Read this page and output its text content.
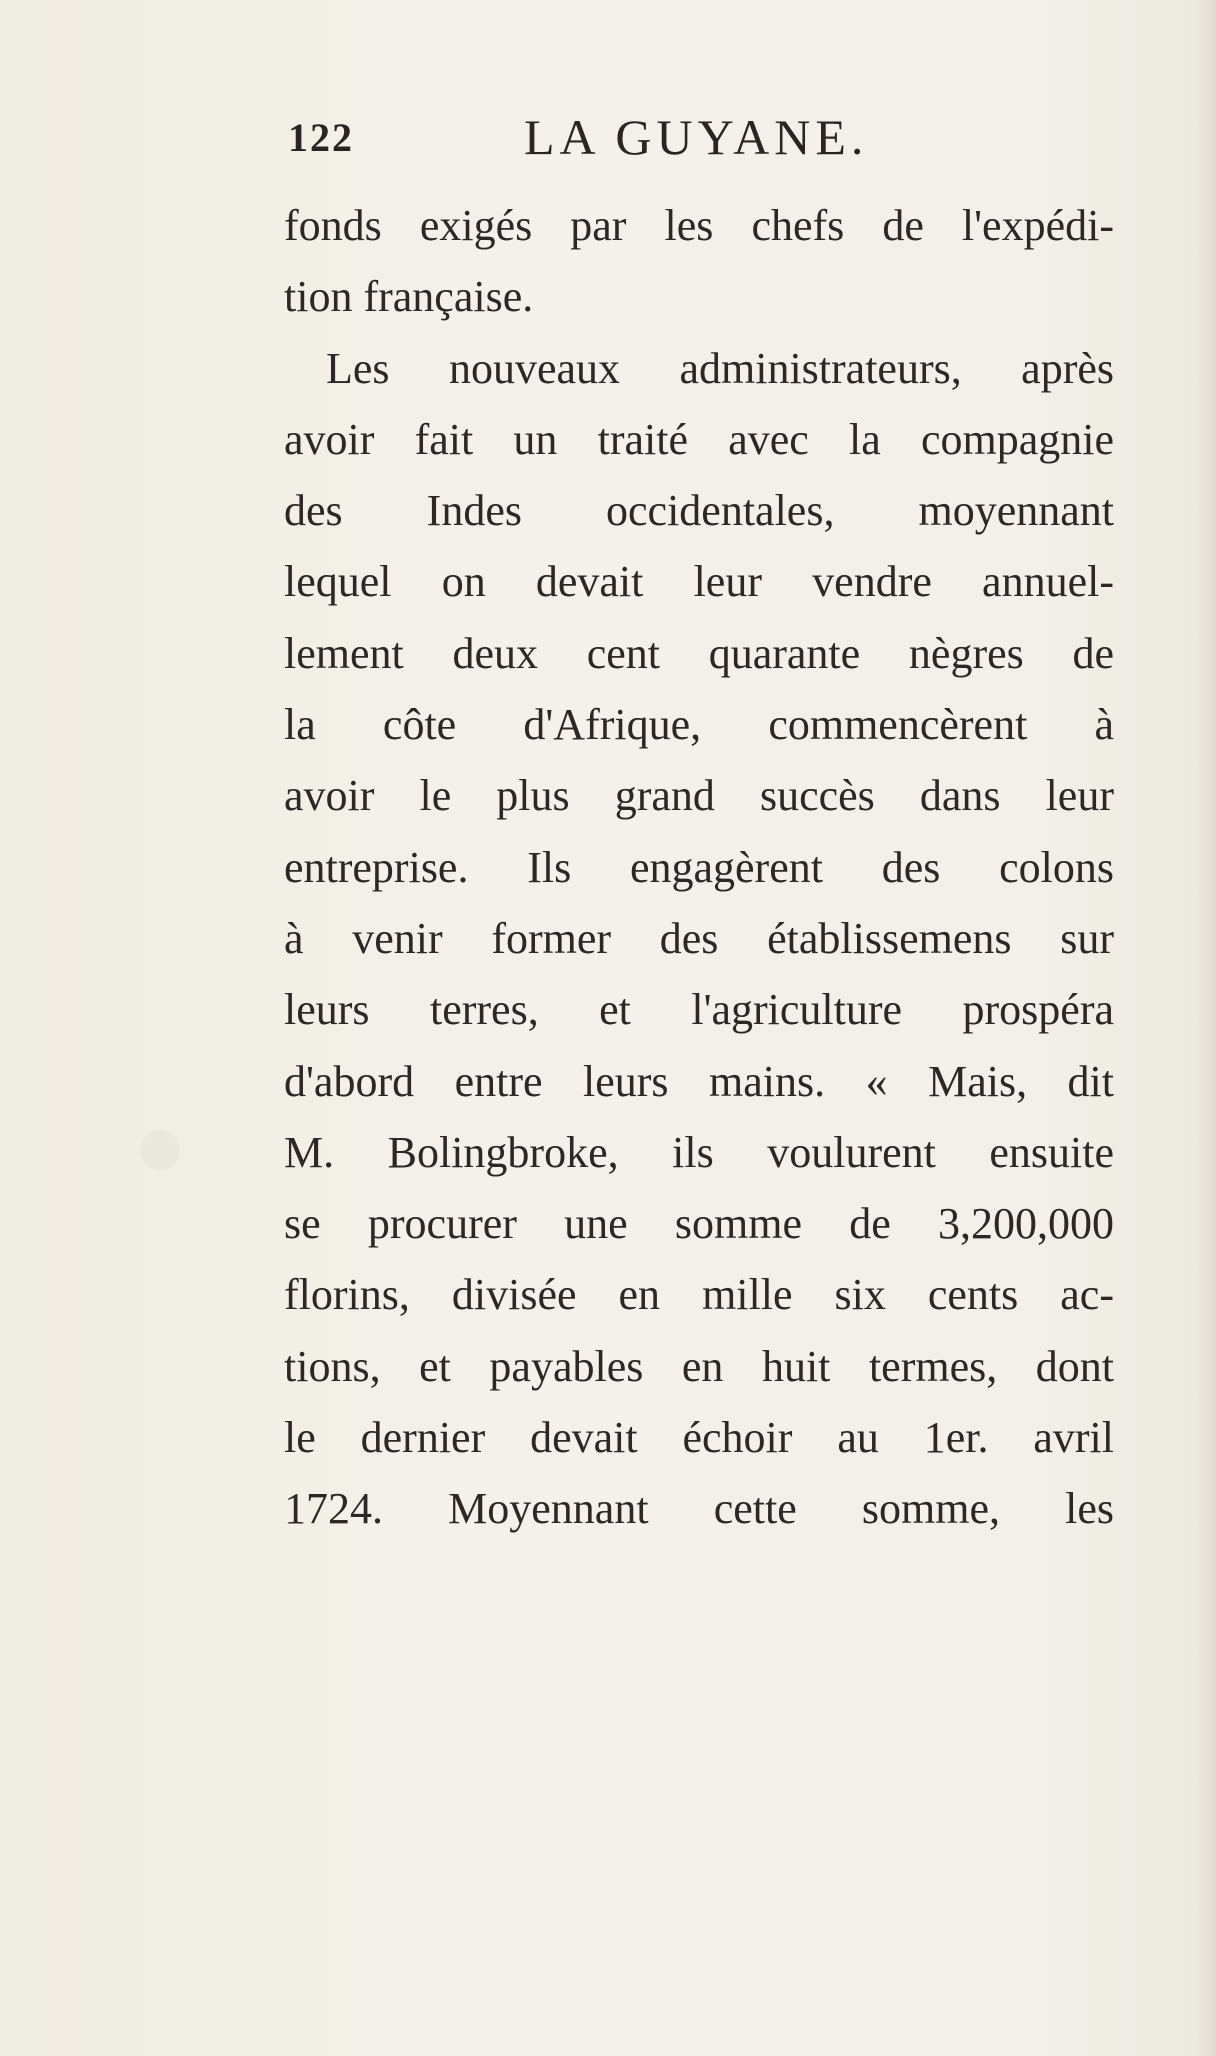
122	LA GUYANE.
fonds exigés par les chefs de l'expédi-
tion française.
Les nouveaux administrateurs, après
avoir fait un traité avec la compagnie
des Indes occidentales, moyennant
lequel on devait leur vendre annuel-
lement deux cent quarante nègres de
la côte d'Afrique, commencèrent à
avoir le plus grand succès dans leur
entreprise. Ils engagèrent des colons
à venir former des établissemens sur
leurs terres, et l'agriculture prospéra
d'abord entre leurs mains. « Mais, dit
M. Bolingbroke, ils voulurent ensuite
se procurer une somme de 3,200,000
florins, divisée en mille six cents ac-
tions, et payables en huit termes, dont
le dernier devait échoir au 1er. avril
1724. Moyennant cette somme, les
